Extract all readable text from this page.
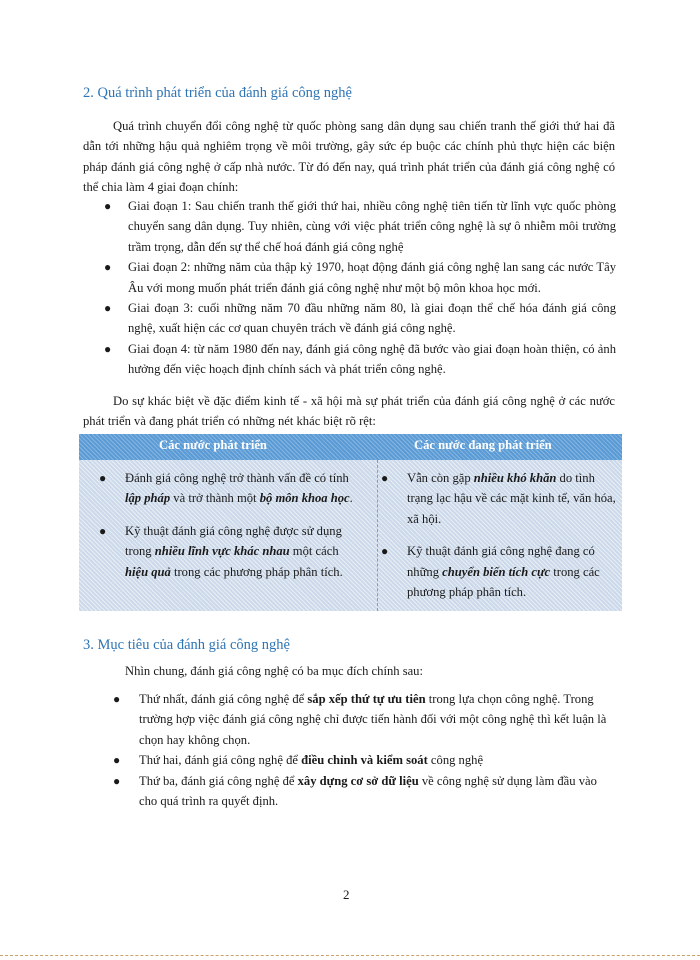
2. Quá trình phát triển của đánh giá công nghệ

Quá trình chuyển đổi công nghệ từ quốc phòng sang dân dụng sau chiến tranh thế giới thứ hai đã dẫn tới những hậu quả nghiêm trọng về môi trường, gây sức ép buộc các chính phủ thực hiện các biện pháp đánh giá công nghệ ở cấp nhà nước. Từ đó đến nay, quá trình phát triển của đánh giá công nghệ có thể chia làm 4 giai đoạn chính:

● Giai đoạn 1: Sau chiến tranh thế giới thứ hai, nhiều công nghệ tiên tiến từ lĩnh vực quốc phòng chuyển sang dân dụng. Tuy nhiên, cùng với việc phát triển công nghệ là sự ô nhiễm môi trường trầm trọng, dẫn đến sự thể chế hoá đánh giá công nghệ
● Giai đoạn 2: những năm của thập kỷ 1970, hoạt động đánh giá công nghệ lan sang các nước Tây Âu với mong muốn phát triển đánh giá công nghệ như một bộ môn khoa học mới.
● Giai đoạn 3: cuối những năm 70 đầu những năm 80, là giai đoạn thể chế hóa đánh giá công nghệ, xuất hiện các cơ quan chuyên trách về đánh giá công nghệ.
● Giai đoạn 4: từ năm 1980 đến nay, đánh giá công nghệ đã bước vào giai đoạn hoàn thiện, có ảnh hưởng đến việc hoạch định chính sách và phát triển công nghệ.

Do sự khác biệt về đặc điểm kinh tế - xã hội mà sự phát triển của đánh giá công nghệ ở các nước phát triển và đang phát triển có những nét khác biệt rõ rệt:

Các nước phát triển	Các nước đang phát triển
● Đánh giá công nghệ trở thành vấn đề có tính lập pháp và trở thành một bộ môn khoa học.
● Kỹ thuật đánh giá công nghệ được sử dụng trong nhiều lĩnh vực khác nhau một cách hiệu quả trong các phương pháp phân tích.
● Vẫn còn gặp nhiều khó khăn do tình trạng lạc hậu về các mặt kinh tế, văn hóa, xã hội.
● Kỹ thuật đánh giá công nghệ đang có những chuyển biến tích cực trong các phương pháp phân tích.
3. Mục tiêu của đánh giá công nghệ

Nhìn chung, đánh giá công nghệ có ba mục đích chính sau:

● Thứ nhất, đánh giá công nghệ để sắp xếp thứ tự ưu tiên trong lựa chọn công nghệ. Trong trường hợp việc đánh giá công nghệ chỉ được tiến hành đối với một công nghệ thì kết luận là chọn hay không chọn.
● Thứ hai, đánh giá công nghệ để điều chỉnh và kiểm soát công nghệ
● Thứ ba, đánh giá công nghệ để xây dựng cơ sở dữ liệu về công nghệ sử dụng làm đầu vào cho quá trình ra quyết định.
2
